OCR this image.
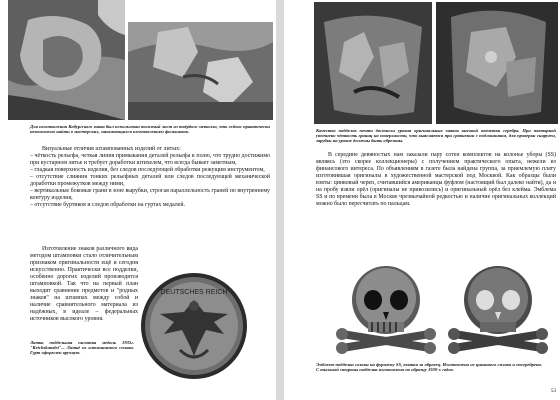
Для изготовления Кобургского знака был использован толстый лист из твёрдого металла, что сейчас практически невозможно найти в мастерских, занимающихся изготовлением фальшивок.

Визуальные отличия штампованных изделий от литых:

– чёткость рельефа, четкая линия примыкания деталей рельефа к полю, что трудно достижимо при кустарном литье и требует доработки штихелем, что всегда бывает заметным,

– гладкая поверхность изделия, без следов последующей обработки режущим инструментом,

– отсутствие слияния тонких рельефных деталей или следов последующей механической доработки промежутков между ними,

– вертикальные боковые грани в зоне вырубки, строгая параллельность граней по внутреннему контуру изделия,

– отсутствие буртиков и следов обработки на гуртах медалей.

Изготовление знаков различного вида методом штамповки стало отличительным признаком оригинальности ещё и сегодня искусственно. Практически все подделки, особенно дорогих изделий производятся штамповкой. Так что на первый план выходит сравнение предметов и "родных знаков" на штампах между собой и наличие сравнительного материала из надёжных, в идеале – федеральных источников высокого уровня.

DEUTSCHES REICH
Латка поддельная пилотка медаль 1935г. "Reichskanzlei"... Литьё из алюминиевого сплава. Гурт оформлен вручную.
Качество подделок почти достигли уровня оригинальных знаков высокой отметки серебра. При повторной уточнено чёткость границ на поверхности, что выясняется при сравнении с подлинником, для проверки снаружи, зарубки на уровне должны быть обрезаны.

В середине девяностых нам заказали пару сотен комплектов на колонье уборы (SS) являясь (это скорее коллекционеры) с получением практического опыта, нежели из финансового интереса. По объявлениям в газете была найдена группа, за приемлемую плату изготовившая оригиналы в художественной мастерской под Москвой. Как образцы были взяты: цинковый череп, считавшийся американцы фуфлом (настоящий был далеко найти), да и на пробу взяли орёл (оригиналы не привозились) и оригинальный орёл без клейма. Эмблема SS и по времени была в Москве чрезвычайной редкостью и наличие оригинальных коллекций можно было пересчитать по пальцам.

Эмблема-подделка головы на фуражку SS, взятая за образец. Изготовлена из цинкового сплава и посеребрена. С тыльной стороны подделка изготовлена по образцу 1930-х годов.
53
